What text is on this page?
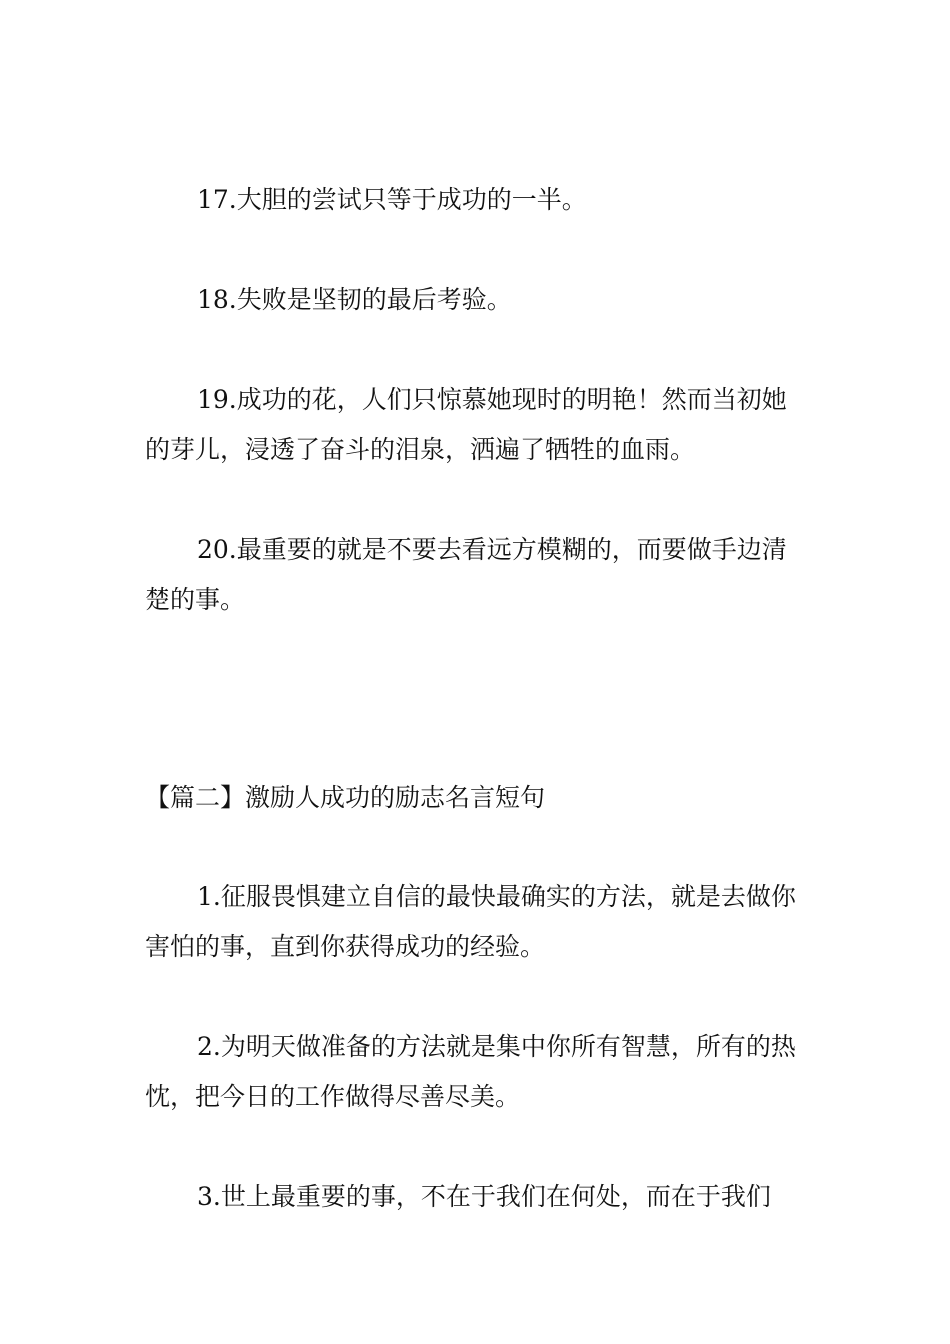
17.大胆的尝试只等于成功的一半。

18.失败是坚韧的最后考验。

19.成功的花，人们只惊慕她现时的明艳！然而当初她的芽儿，浸透了奋斗的泪泉，洒遍了牺牲的血雨。

20.最重要的就是不要去看远方模糊的，而要做手边清楚的事。

【篇二】激励人成功的励志名言短句

1.征服畏惧建立自信的最快最确实的方法，就是去做你害怕的事，直到你获得成功的经验。

2.为明天做准备的方法就是集中你所有智慧，所有的热忱，把今日的工作做得尽善尽美。

3.世上最重要的事，不在于我们在何处，而在于我们
